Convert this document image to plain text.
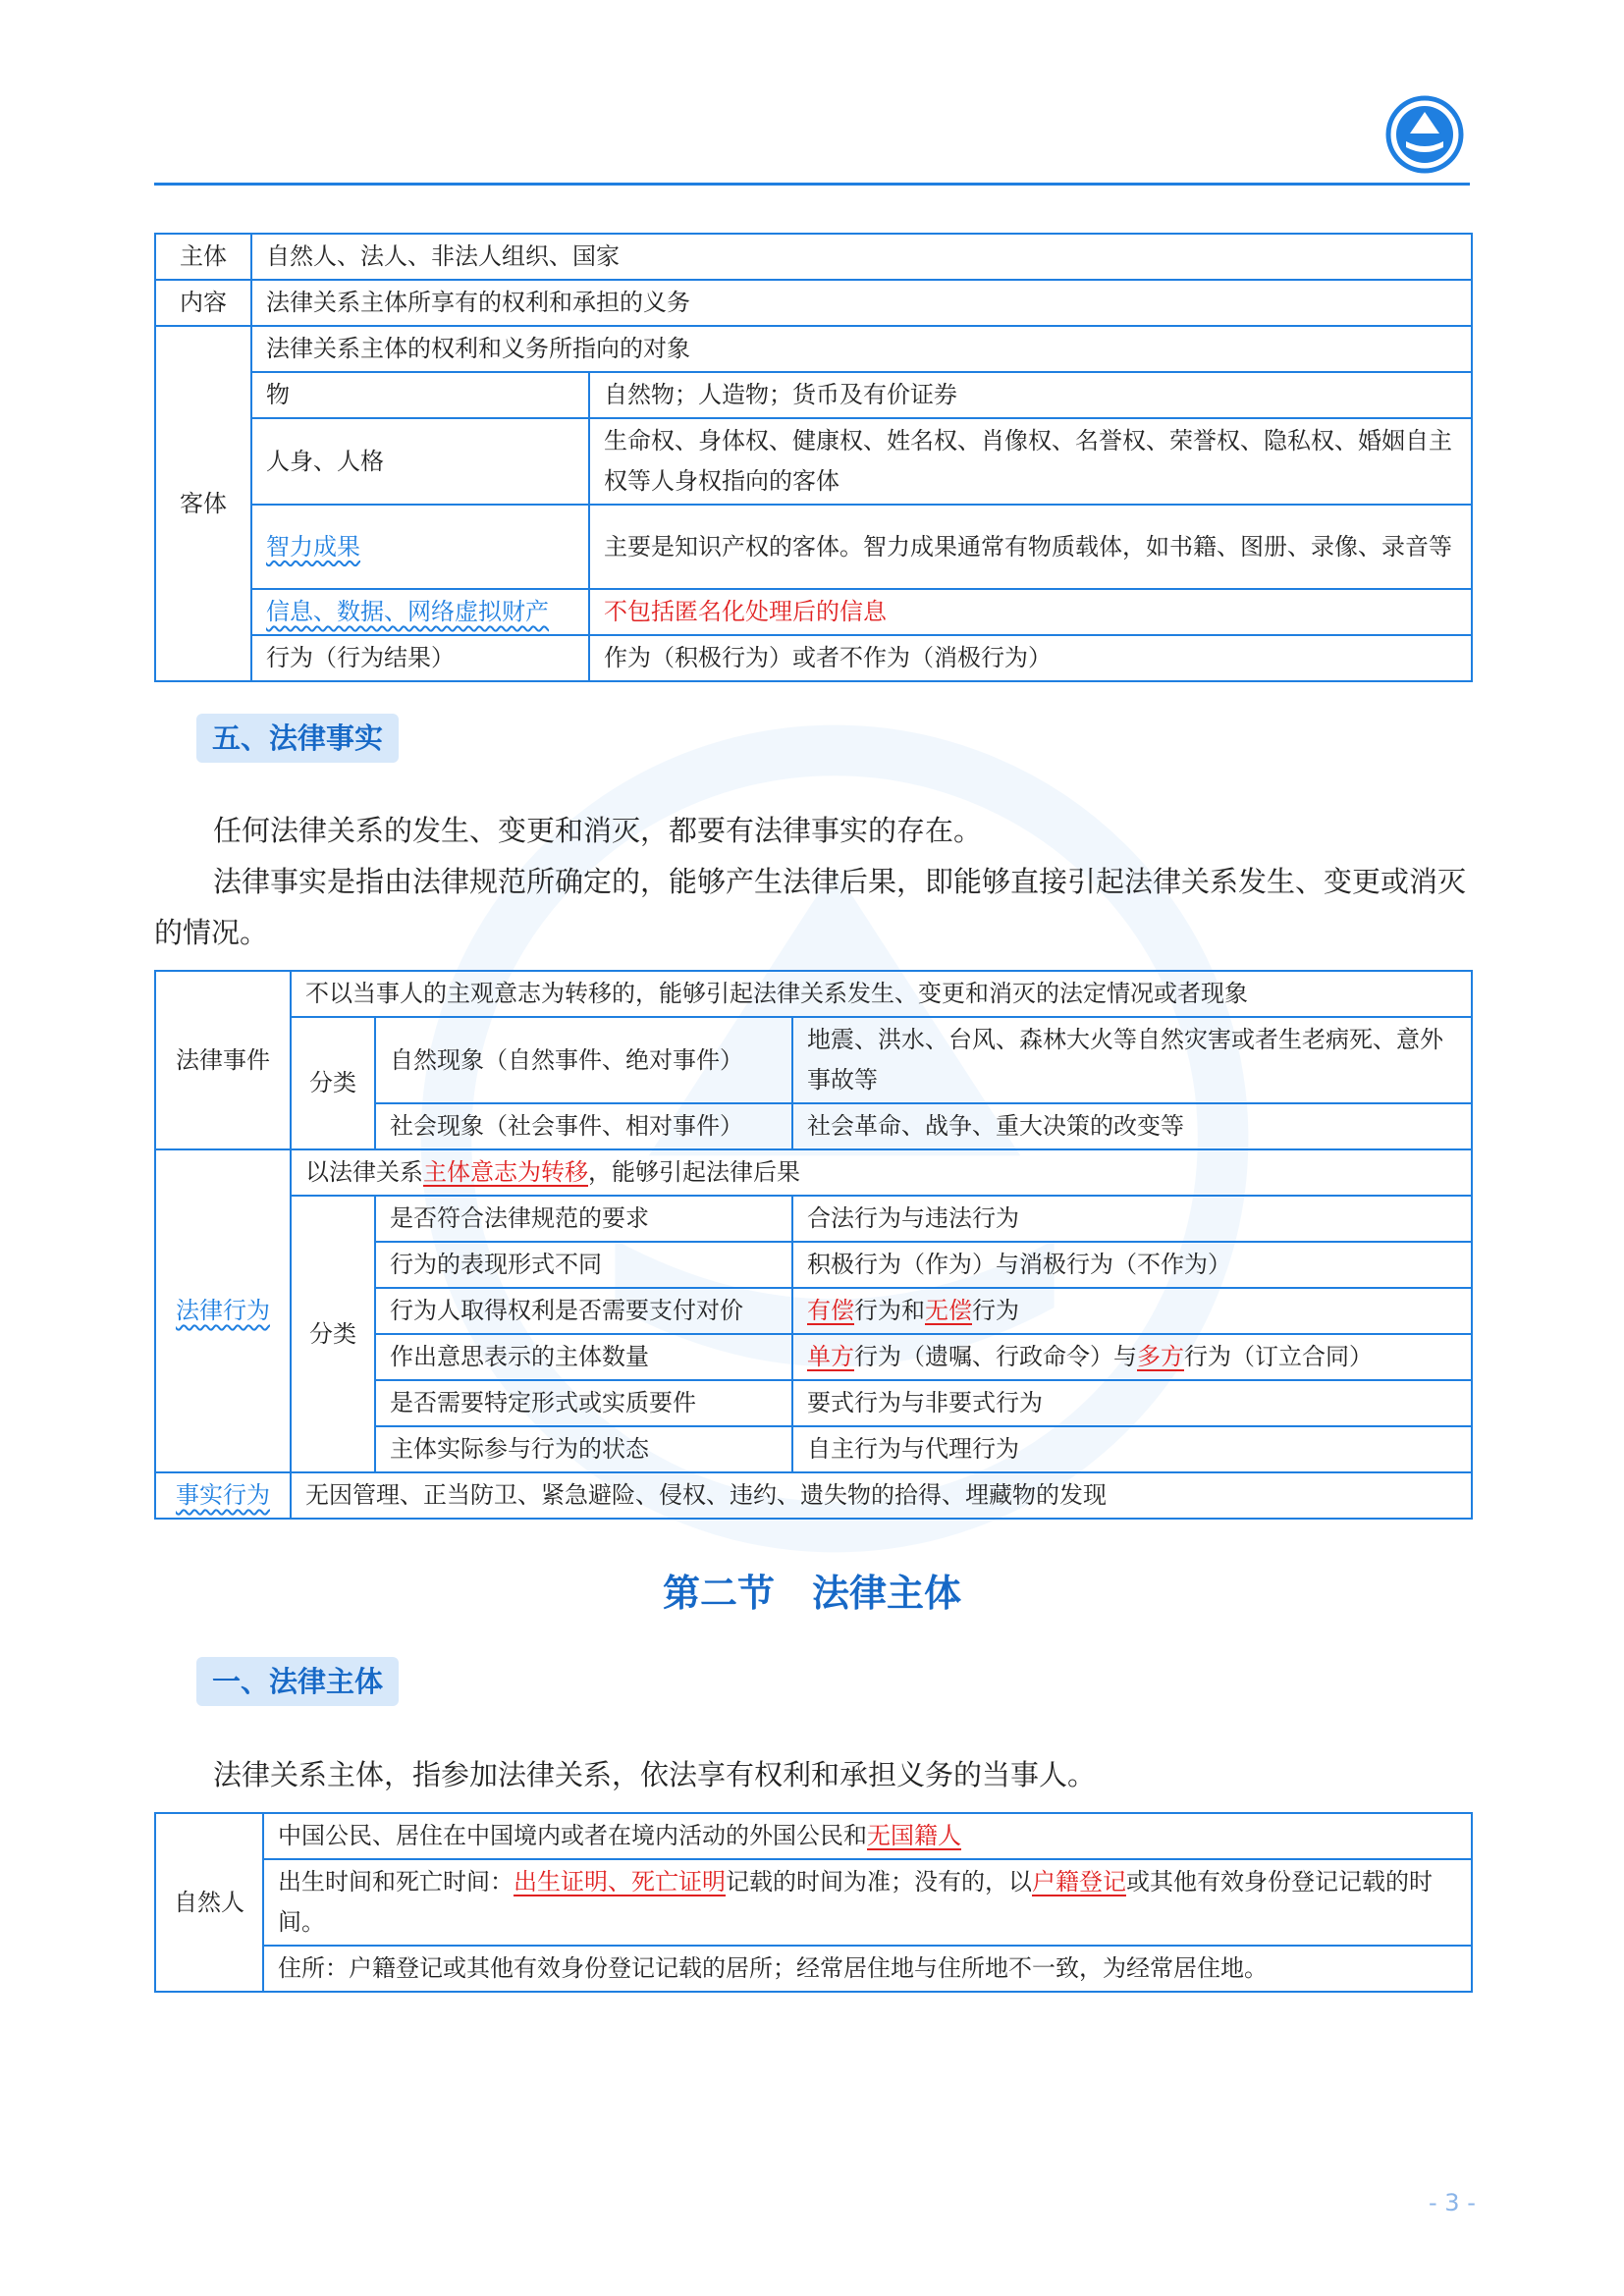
主体	自然人、法人、非法人组织、国家	
内容	法律关系主体所享有的权利和承担的义务	
客体	法律关系主体的权利和义务所指向的对象	
	物	自然物；人造物；货币及有价证券
	人身、人格	生命权、身体权、健康权、姓名权、肖像权、名誉权、荣誉权、隐私权、婚姻自主权等人身权指向的客体
	智力成果	主要是知识产权的客体。智力成果通常有物质载体，如书籍、图册、录像、录音等
	信息、数据、网络虚拟财产	不包括匿名化处理后的信息
	行为（行为结果）	作为（积极行为）或者不作为（消极行为）
五、法律事实

任何法律关系的发生、变更和消灭，都要有法律事实的存在。

法律事实是指由法律规范所确定的，能够产生法律后果，即能够直接引起法律关系发生、变更或消灭的情况。

法律事件	不以当事人的主观意志为转移的，能够引起法律关系发生、变更和消灭的法定情况或者现象		
	分类	自然现象（自然事件、绝对事件）	地震、洪水、台风、森林大火等自然灾害或者生老病死、意外事故等
		社会现象（社会事件、相对事件）	社会革命、战争、重大决策的改变等
法律行为	以法律关系主体意志为转移，能够引起法律后果		
	分类	是否符合法律规范的要求	合法行为与违法行为
		行为的表现形式不同	积极行为（作为）与消极行为（不作为）
		行为人取得权利是否需要支付对价	有偿行为和无偿行为
		作出意思表示的主体数量	单方行为（遗嘱、行政命令）与多方行为（订立合同）
		是否需要特定形式或实质要件	要式行为与非要式行为
		主体实际参与行为的状态	自主行为与代理行为
事实行为	无因管理、正当防卫、紧急避险、侵权、违约、遗失物的拾得、埋藏物的发现		
第二节　法律主体
一、法律主体

法律关系主体，指参加法律关系，依法享有权利和承担义务的当事人。

自然人	中国公民、居住在中国境内或者在境内活动的外国公民和无国籍人
出生时间和死亡时间：出生证明、死亡证明记载的时间为准；没有的，以户籍登记或其他有效身份登记记载的时间。
住所：户籍登记或其他有效身份登记记载的居所；经常居住地与住所地不一致，为经常居住地。
- 3 -
